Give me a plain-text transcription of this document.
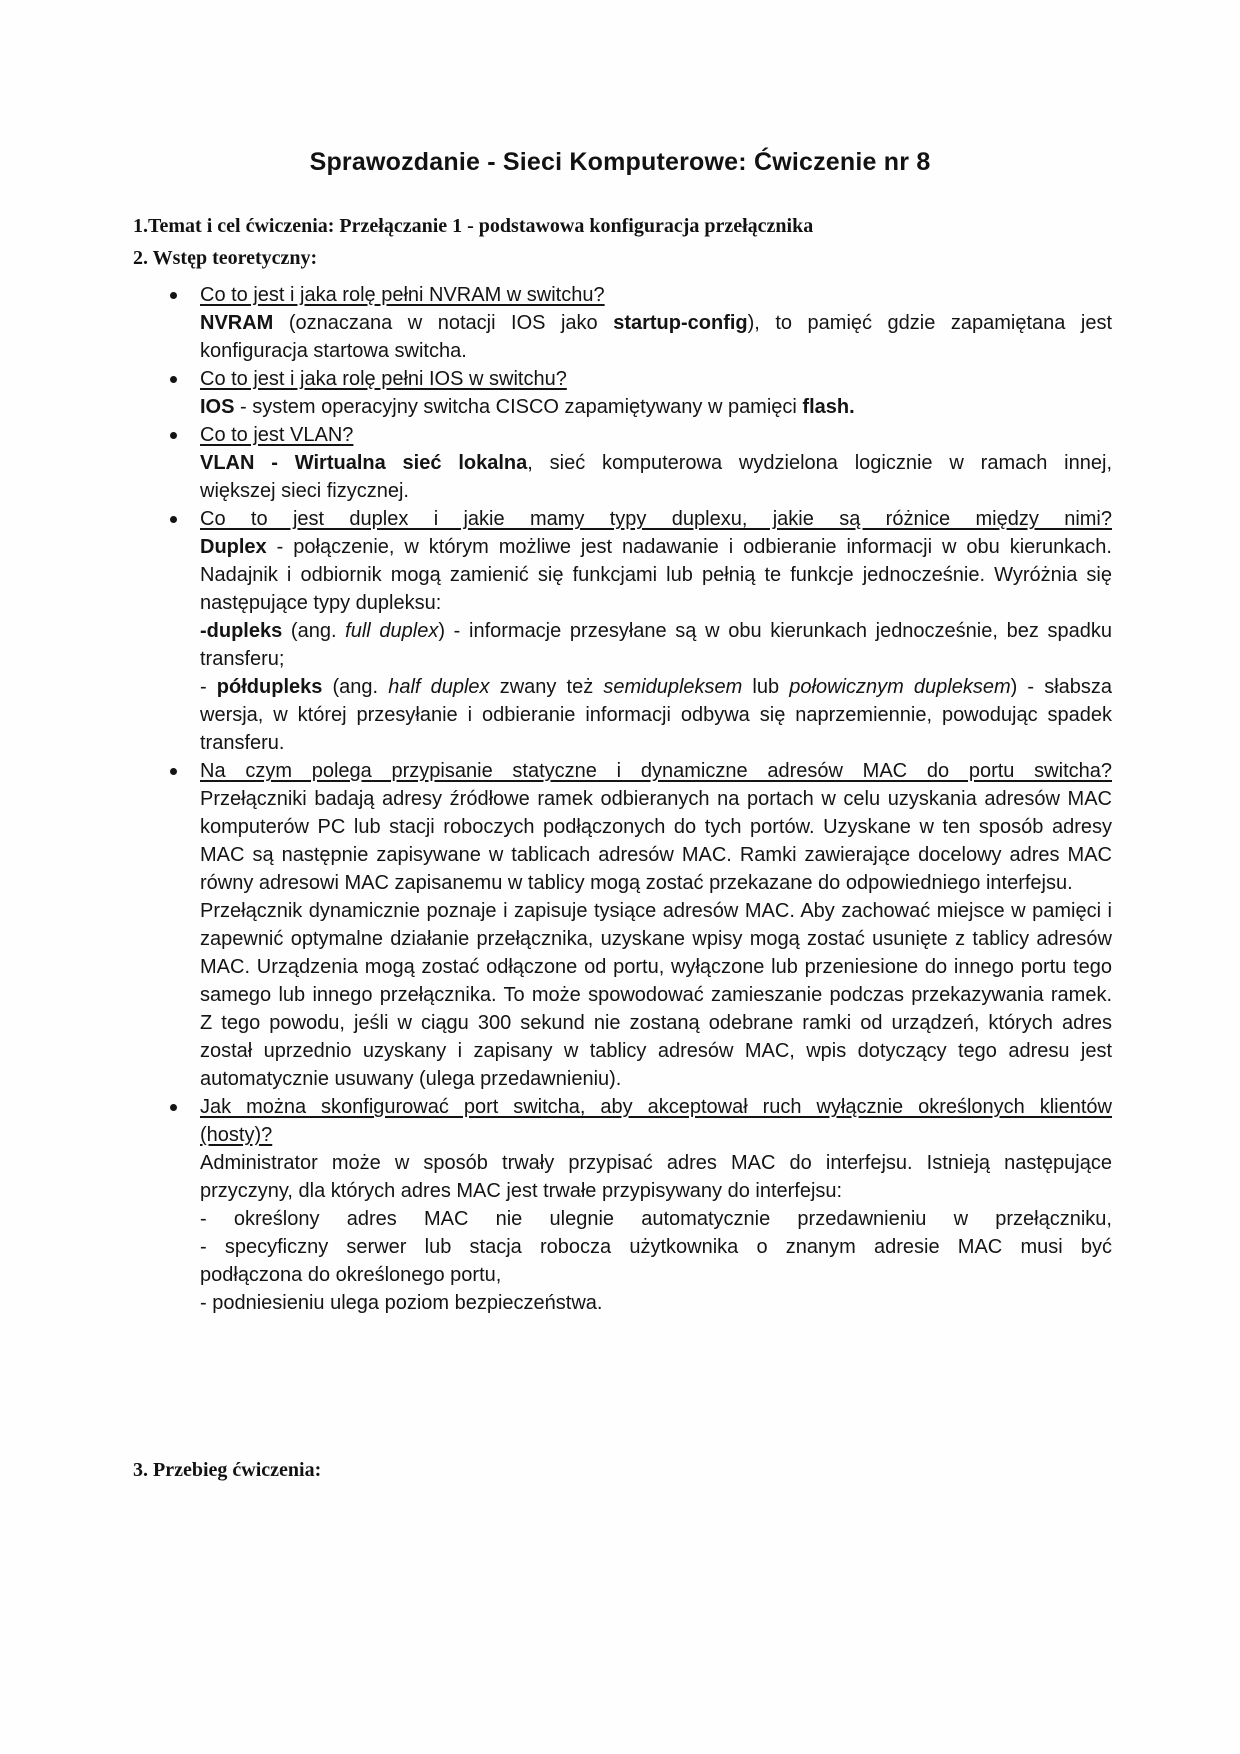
Sprawozdanie - Sieci Komputerowe: Ćwiczenie nr 8
1.Temat i cel ćwiczenia: Przełączanie 1 - podstawowa konfiguracja przełącznika
2. Wstęp teoretyczny:
Co to jest i jaka rolę pełni NVRAM w switchu?
NVRAM (oznaczana w notacji IOS jako startup-config), to pamięć gdzie zapamiętana jest konfiguracja startowa switcha.
Co to jest i jaka rolę pełni IOS w switchu?
IOS - system operacyjny switcha CISCO zapamiętywany w pamięci flash.
Co to jest VLAN?
VLAN - Wirtualna sieć lokalna, sieć komputerowa wydzielona logicznie w ramach innej,
większej sieci fizycznej.
Co to jest duplex i jakie mamy typy duplexu, jakie są różnice między nimi?
Duplex - połączenie, w którym możliwe jest nadawanie i odbieranie informacji w obu kierunkach. Nadajnik i odbiornik mogą zamienić się funkcjami lub pełnią te funkcje jednocześnie. Wyróżnia się następujące typy dupleksu:
-dupleks (ang. full duplex) - informacje przesyłane są w obu kierunkach jednocześnie, bez spadku transferu;
- półdupleks (ang. half duplex zwany też semidupleksem lub połowicznym dupleksem) - słabsza wersja, w której przesyłanie i odbieranie informacji odbywa się naprzemiennie, powodując spadek transferu.
Na czym polega przypisanie statyczne i dynamiczne adresów MAC do portu switcha?
Przełączniki badają adresy źródłowe ramek odbieranych na portach w celu uzyskania adresów MAC komputerów PC lub stacji roboczych podłączonych do tych portów. Uzyskane w ten sposób adresy MAC są następnie zapisywane w tablicach adresów MAC. Ramki zawierające docelowy adres MAC równy adresowi MAC zapisanemu w tablicy mogą zostać przekazane do odpowiedniego interfejsu.
Przełącznik dynamicznie poznaje i zapisuje tysiące adresów MAC. Aby zachować miejsce w pamięci i zapewnić optymalne działanie przełącznika, uzyskane wpisy mogą zostać usunięte z tablicy adresów MAC. Urządzenia mogą zostać odłączone od portu, wyłączone lub przeniesione do innego portu tego samego lub innego przełącznika. To może spowodować zamieszanie podczas przekazywania ramek. Z tego powodu, jeśli w ciągu 300 sekund nie zostaną odebrane ramki od urządzeń, których adres został uprzednio uzyskany i zapisany w tablicy adresów MAC, wpis dotyczący tego adresu jest automatycznie usuwany (ulega przedawnieniu).
Jak można skonfigurować port switcha, aby akceptował ruch wyłącznie określonych klientów
(hosty)?
Administrator może w sposób trwały przypisać adres MAC do interfejsu. Istnieją następujące przyczyny, dla których adres MAC jest trwałe przypisywany do interfejsu:
- określony adres MAC nie ulegnie automatycznie przedawnieniu w przełączniku,
- specyficzny serwer lub stacja robocza użytkownika o znanym adresie MAC musi być
podłączona do określonego portu,
- podniesieniu ulega poziom bezpieczeństwa.
3. Przebieg ćwiczenia:
